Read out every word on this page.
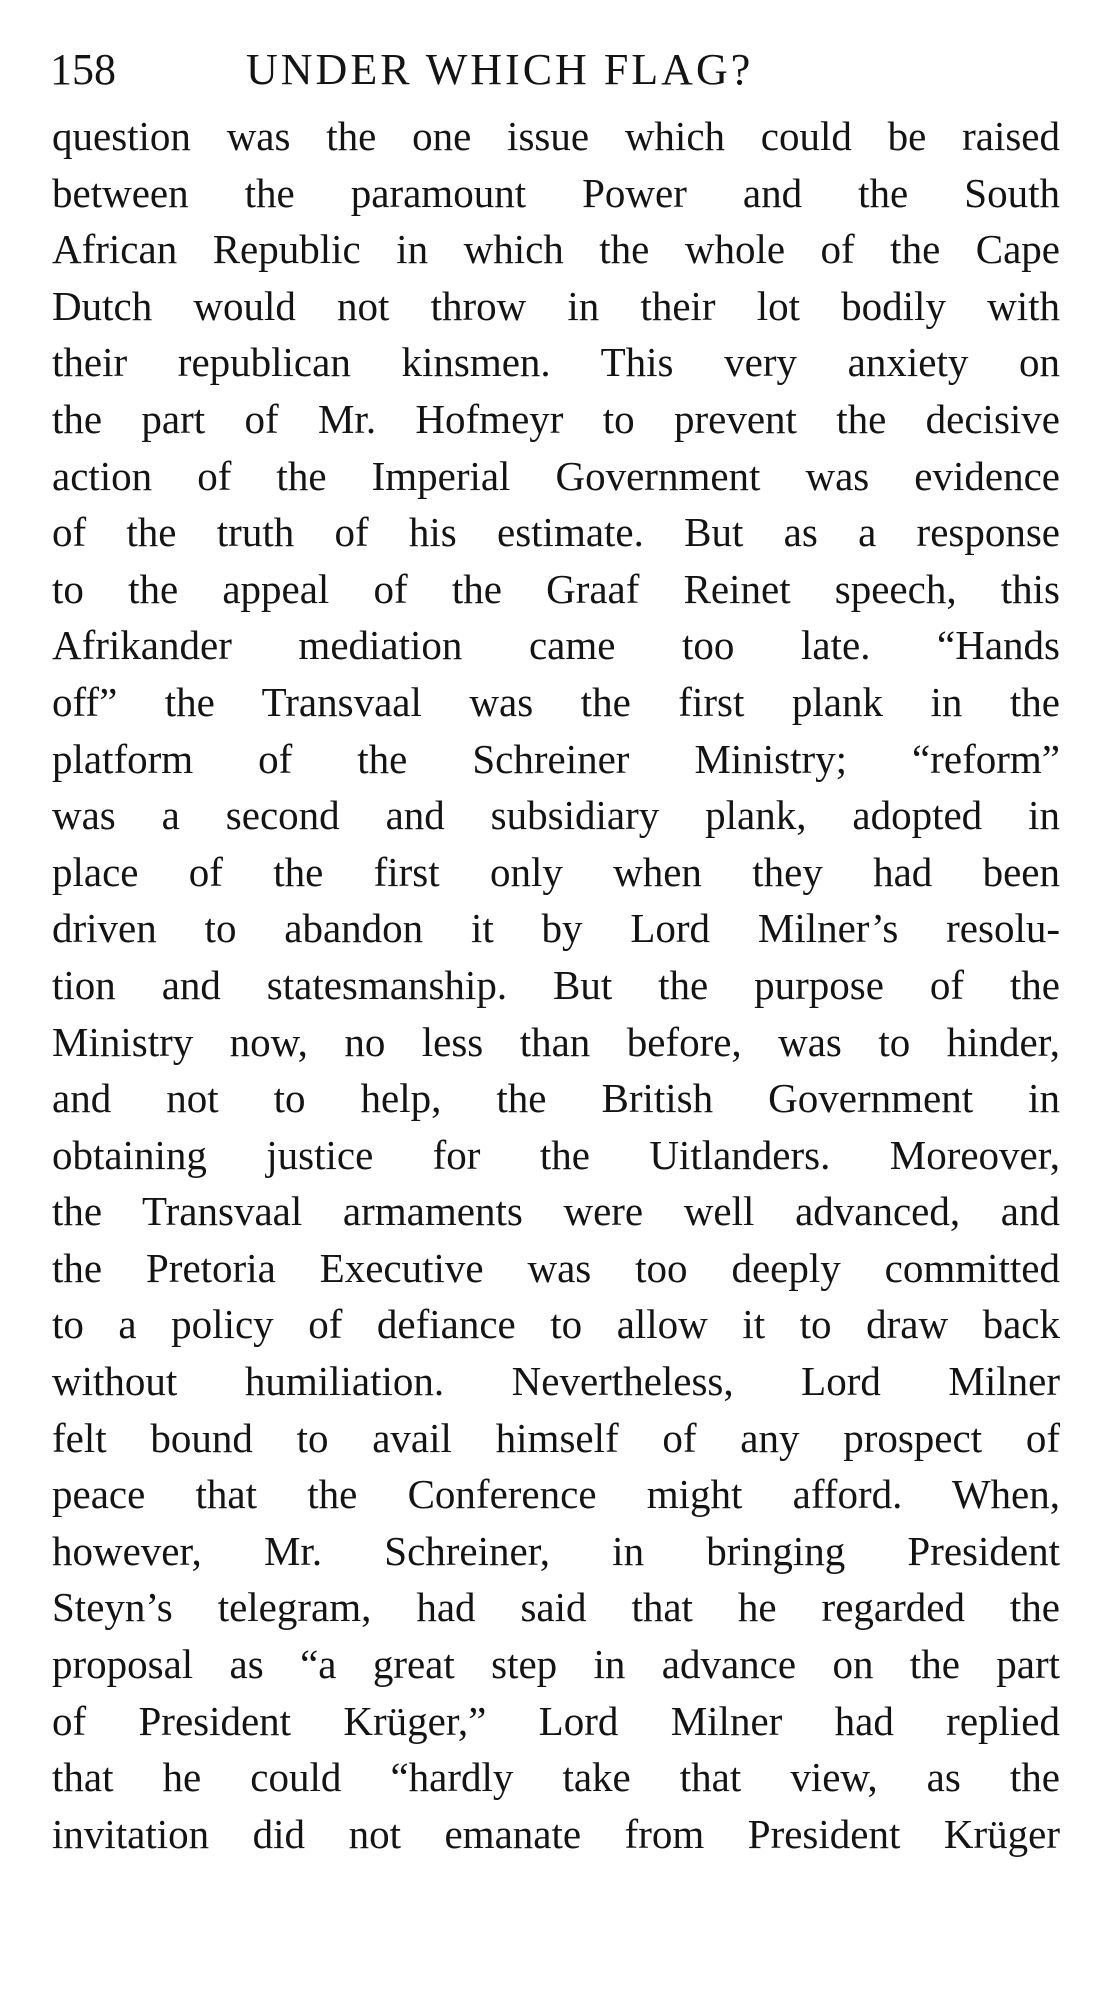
158	UNDER WHICH FLAG?
question was the one issue which could be raised
between the paramount Power and the South
African Republic in which the whole of the Cape
Dutch would not throw in their lot bodily with
their republican kinsmen. This very anxiety on
the part of Mr. Hofmeyr to prevent the decisive
action of the Imperial Government was evidence
of the truth of his estimate. But as a response
to the appeal of the Graaf Reinet speech, this
Afrikander mediation came too late. “Hands
off” the Transvaal was the first plank in the
platform of the Schreiner Ministry; “reform”
was a second and subsidiary plank, adopted in
place of the first only when they had been
driven to abandon it by Lord Milner’s resolu-
tion and statesmanship. But the purpose of the
Ministry now, no less than before, was to hinder,
and not to help, the British Government in
obtaining justice for the Uitlanders. Moreover,
the Transvaal armaments were well advanced, and
the Pretoria Executive was too deeply committed
to a policy of defiance to allow it to draw back
without humiliation. Nevertheless, Lord Milner
felt bound to avail himself of any prospect of
peace that the Conference might afford. When,
however, Mr. Schreiner, in bringing President
Steyn’s telegram, had said that he regarded the
proposal as “a great step in advance on the part
of President Krüger,” Lord Milner had replied
that he could “hardly take that view, as the
invitation did not emanate from President Krüger
